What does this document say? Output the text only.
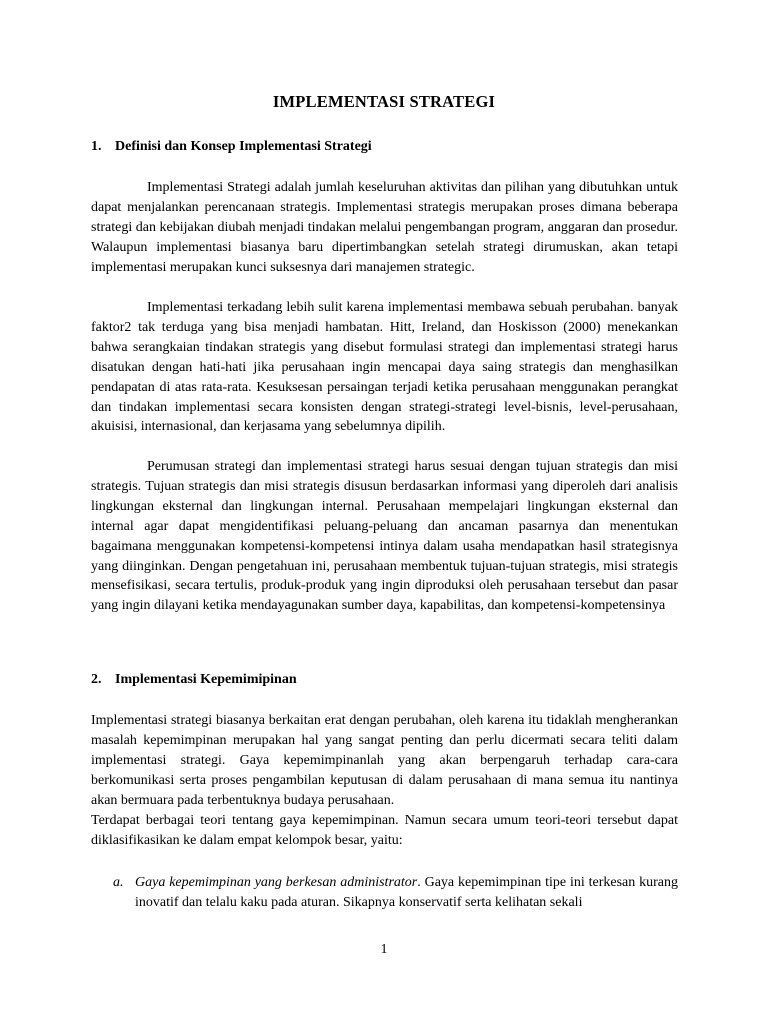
IMPLEMENTASI STRATEGI
1. Definisi dan Konsep Implementasi Strategi

Implementasi Strategi adalah jumlah keseluruhan aktivitas dan pilihan yang dibutuhkan untuk dapat menjalankan perencanaan strategis. Implementasi strategis merupakan proses dimana beberapa strategi dan kebijakan diubah menjadi tindakan melalui pengembangan program, anggaran dan prosedur. Walaupun implementasi biasanya baru dipertimbangkan setelah strategi dirumuskan, akan tetapi implementasi merupakan kunci suksesnya dari manajemen strategic.

Implementasi terkadang lebih sulit karena implementasi membawa sebuah perubahan. banyak faktor2 tak terduga yang bisa menjadi hambatan. Hitt, Ireland, dan Hoskisson (2000) menekankan bahwa serangkaian tindakan strategis yang disebut formulasi strategi dan implementasi strategi harus disatukan dengan hati-hati jika perusahaan ingin mencapai daya saing strategis dan menghasilkan pendapatan di atas rata-rata. Kesuksesan persaingan terjadi ketika perusahaan menggunakan perangkat dan tindakan implementasi secara konsisten dengan strategi-strategi level-bisnis, level-perusahaan, akuisisi, internasional, dan kerjasama yang sebelumnya dipilih.

Perumusan strategi dan implementasi strategi harus sesuai dengan tujuan strategis dan misi strategis. Tujuan strategis dan misi strategis disusun berdasarkan informasi yang diperoleh dari analisis lingkungan eksternal dan lingkungan internal. Perusahaan mempelajari lingkungan eksternal dan internal agar dapat mengidentifikasi peluang-peluang dan ancaman pasarnya dan menentukan bagaimana menggunakan kompetensi-kompetensi intinya dalam usaha mendapatkan hasil strategisnya yang diinginkan. Dengan pengetahuan ini, perusahaan membentuk tujuan-tujuan strategis, misi strategis mensefisikasi, secara tertulis, produk-produk yang ingin diproduksi oleh perusahaan tersebut dan pasar yang ingin dilayani ketika mendayagunakan sumber daya, kapabilitas, dan kompetensi-kompetensinya

2. Implementasi Kepemimipinan

Implementasi strategi biasanya berkaitan erat dengan perubahan, oleh karena itu tidaklah mengherankan masalah kepemimpinan merupakan hal yang sangat penting dan perlu dicermati secara teliti dalam implementasi strategi. Gaya kepemimpinanlah yang akan berpengaruh terhadap cara-cara berkomunikasi serta proses pengambilan keputusan di dalam perusahaan di mana semua itu nantinya akan bermuara pada terbentuknya budaya perusahaan.

Terdapat berbagai teori tentang gaya kepemimpinan. Namun secara umum teori-teori tersebut dapat diklasifikasikan ke dalam empat kelompok besar, yaitu:

a. Gaya kepemimpinan yang berkesan administrator. Gaya kepemimpinan tipe ini terkesan kurang inovatif dan telalu kaku pada aturan. Sikapnya konservatif serta kelihatan sekali
1
